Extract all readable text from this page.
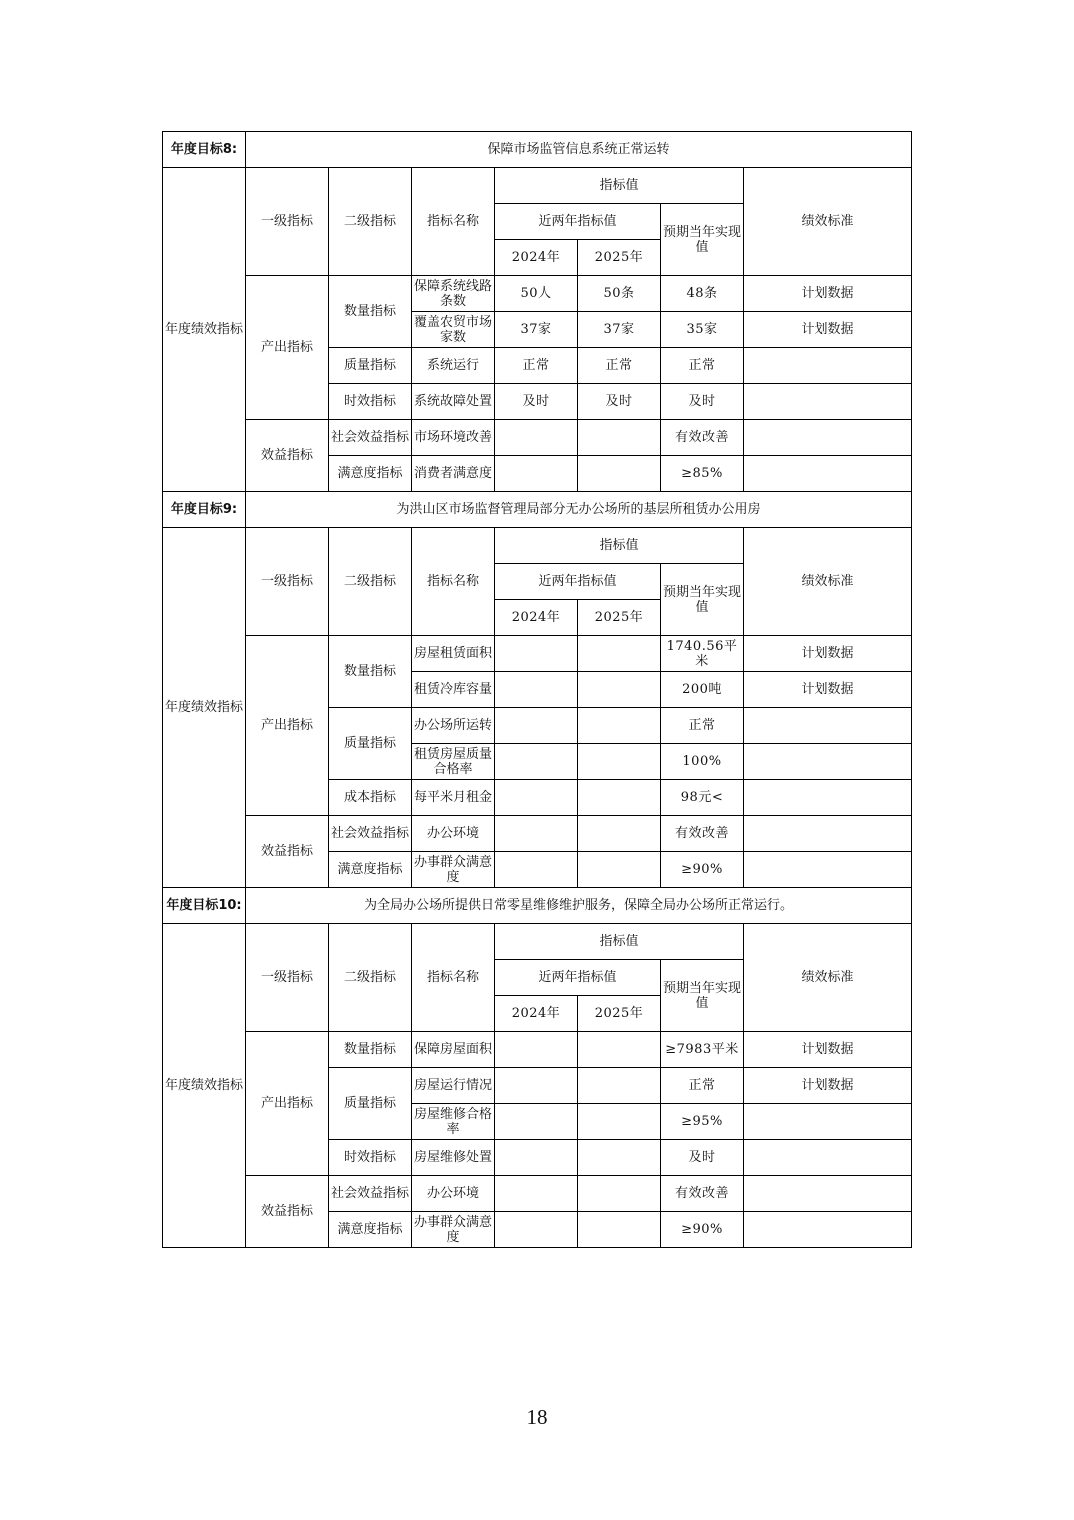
年度目标8:	保障市场监管信息系统正常运转						
年度绩效指标	一级指标	二级指标	指标名称	指标值			绩效标准
				近两年指标值		预期当年实现值	
				2024年	2025年		
	产出指标	数量指标	保障系统线路条数	50人	50条	48条	计划数据
			覆盖农贸市场家数	37家	37家	35家	计划数据
		质量指标	系统运行	正常	正常	正常	
		时效指标	系统故障处置	及时	及时	及时	
	效益指标	社会效益指标	市场环境改善			有效改善	
		满意度指标	消费者满意度			≥85%	
年度目标9:	为洪山区市场监督管理局部分无办公场所的基层所租赁办公用房						
年度绩效指标	一级指标	二级指标	指标名称	指标值			绩效标准
				近两年指标值		预期当年实现值	
				2024年	2025年		
	产出指标	数量指标	房屋租赁面积			1740.56平米	计划数据
			租赁冷库容量			200吨	计划数据
		质量指标	办公场所运转			正常	
			租赁房屋质量合格率			100%	
		成本指标	每平米月租金			98元<	
	效益指标	社会效益指标	办公环境			有效改善	
		满意度指标	办事群众满意度			≥90%	
年度目标10:	为全局办公场所提供日常零星维修维护服务，保障全局办公场所正常运行。						
年度绩效指标	一级指标	二级指标	指标名称	指标值			绩效标准
				近两年指标值		预期当年实现值	
				2024年	2025年		
	产出指标	数量指标	保障房屋面积			≥7983平米	计划数据
		质量指标	房屋运行情况			正常	计划数据
			房屋维修合格率			≥95%	
		时效指标	房屋维修处置			及时	
	效益指标	社会效益指标	办公环境			有效改善	
		满意度指标	办事群众满意度			≥90%	
18
